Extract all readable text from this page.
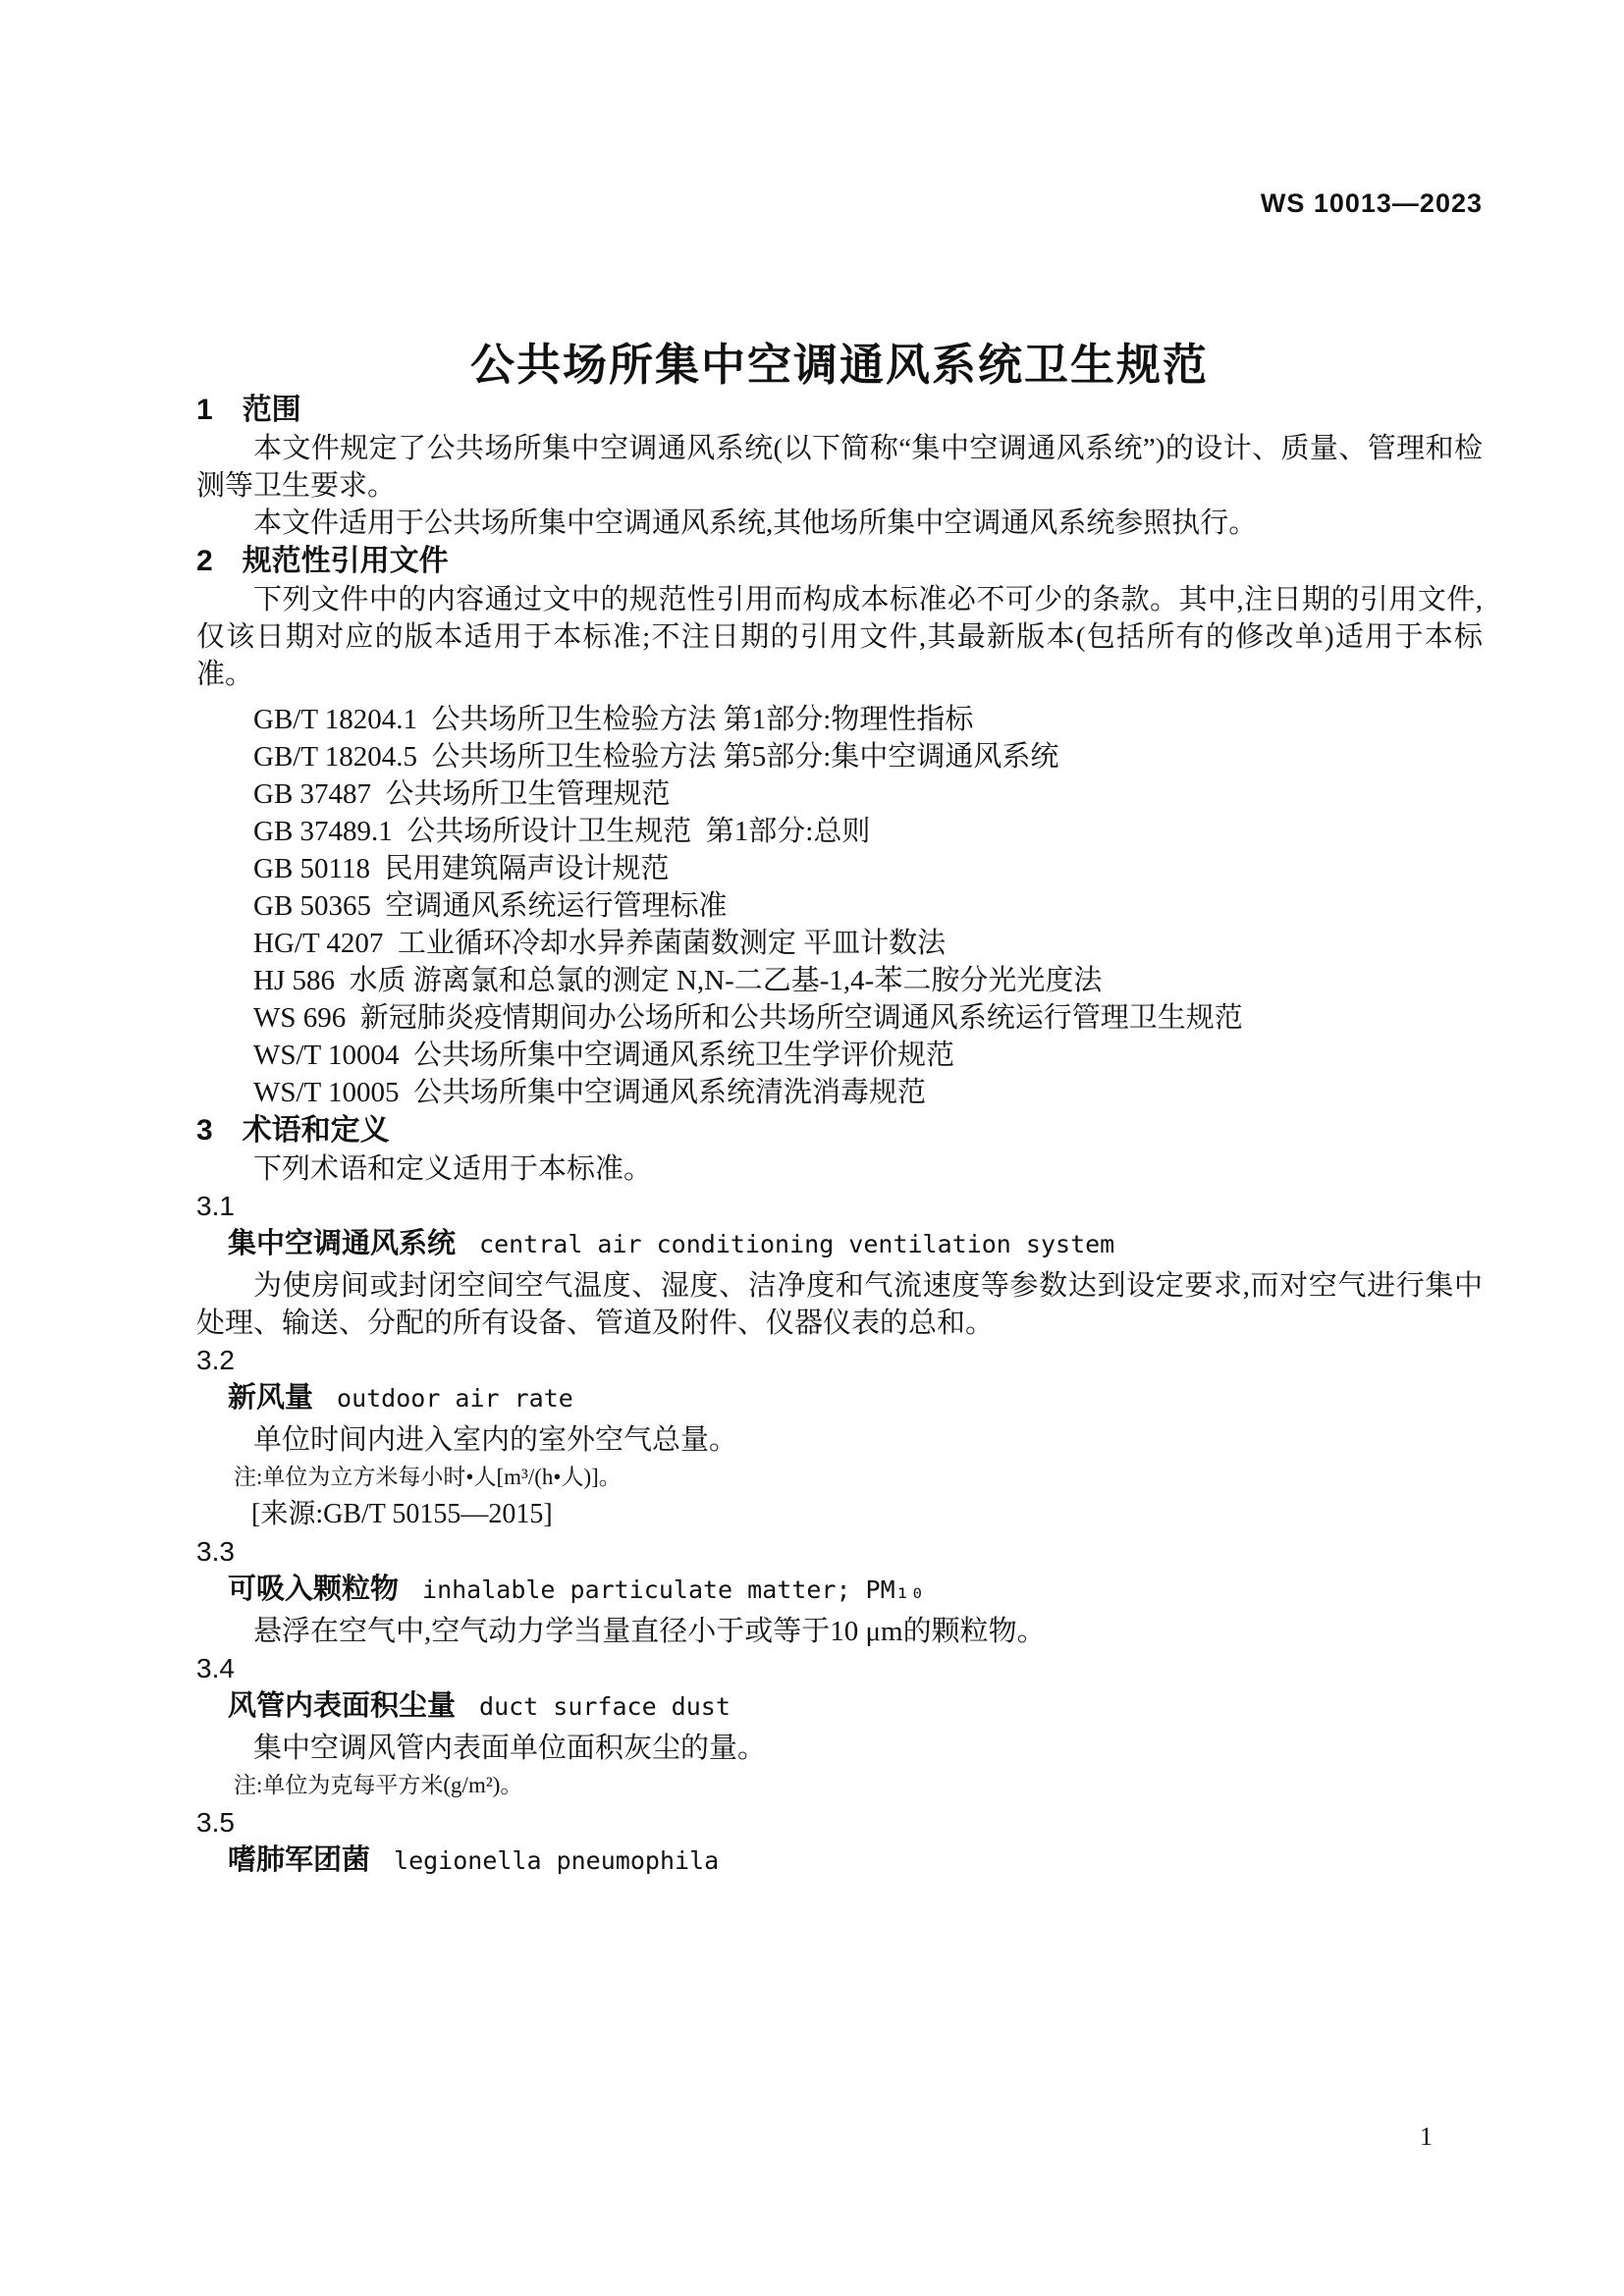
WS 10013—2023
公共场所集中空调通风系统卫生规范
1 范围

本文件规定了公共场所集中空调通风系统(以下简称“集中空调通风系统”)的设计、质量、管理和检测等卫生要求。

本文件适用于公共场所集中空调通风系统,其他场所集中空调通风系统参照执行。

2 规范性引用文件

下列文件中的内容通过文中的规范性引用而构成本标准必不可少的条款。其中,注日期的引用文件,仅该日期对应的版本适用于本标准;不注日期的引用文件,其最新版本(包括所有的修改单)适用于本标准。

GB/T 18204.1  公共场所卫生检验方法 第1部分:物理性指标

GB/T 18204.5  公共场所卫生检验方法 第5部分:集中空调通风系统

GB 37487  公共场所卫生管理规范

GB 37489.1  公共场所设计卫生规范  第1部分:总则

GB 50118  民用建筑隔声设计规范

GB 50365  空调通风系统运行管理标准

HG/T 4207  工业循环冷却水异养菌菌数测定 平皿计数法

HJ 586  水质 游离氯和总氯的测定 N,N-二乙基-1,4-苯二胺分光光度法

WS 696  新冠肺炎疫情期间办公场所和公共场所空调通风系统运行管理卫生规范

WS/T 10004  公共场所集中空调通风系统卫生学评价规范

WS/T 10005  公共场所集中空调通风系统清洗消毒规范

3 术语和定义

下列术语和定义适用于本标准。

3.1

集中空调通风系统 central air conditioning ventilation system

为使房间或封闭空间空气温度、湿度、洁净度和气流速度等参数达到设定要求,而对空气进行集中处理、输送、分配的所有设备、管道及附件、仪器仪表的总和。

3.2

新风量 outdoor air rate

单位时间内进入室内的室外空气总量。

注:单位为立方米每小时•人[m³/(h•人)]。

[来源:GB/T 50155—2015]

3.3

可吸入颗粒物 inhalable particulate matter; PM₁₀

悬浮在空气中,空气动力学当量直径小于或等于10 μm的颗粒物。

3.4

风管内表面积尘量 duct surface dust

集中空调风管内表面单位面积灰尘的量。

注:单位为克每平方米(g/m²)。

3.5

嗜肺军团菌 legionella pneumophila

1
